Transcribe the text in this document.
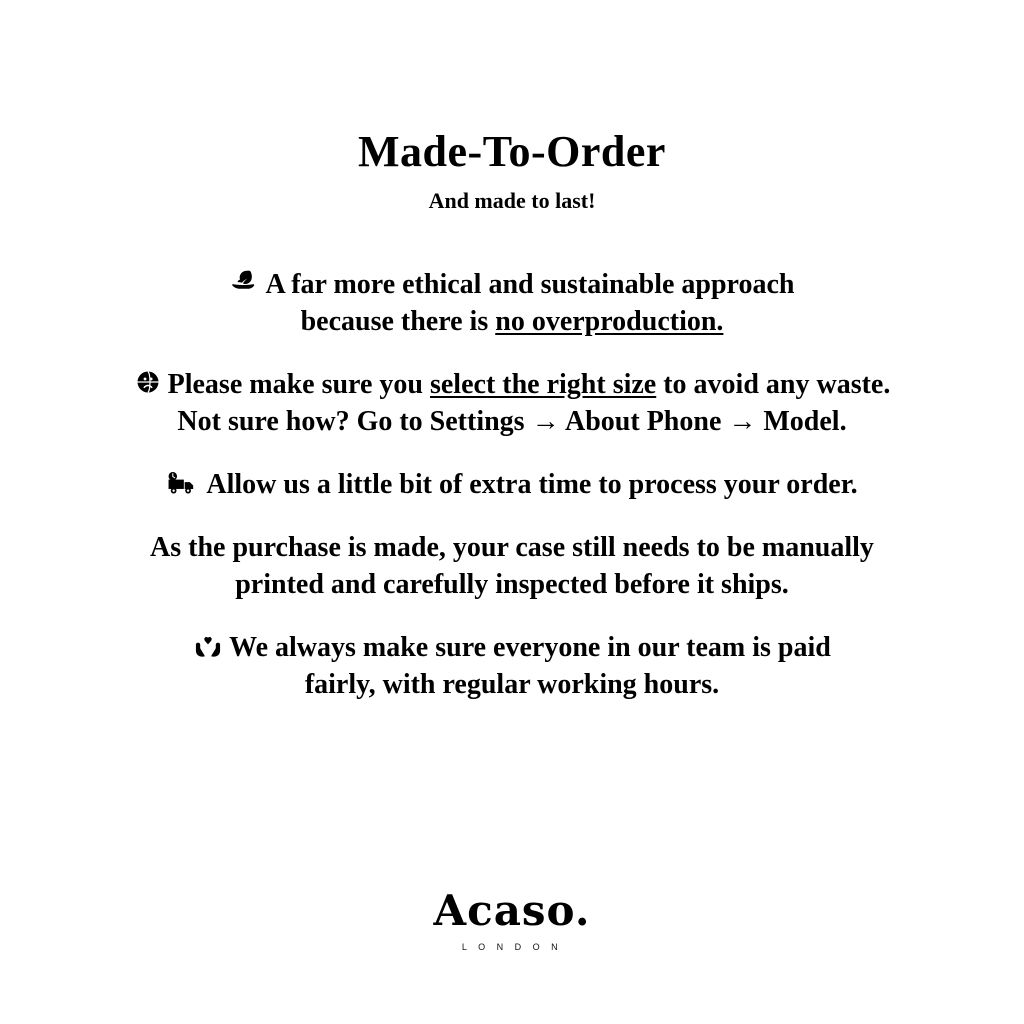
Made-To-Order
And made to last!
A far more ethical and sustainable approach
because there is no overproduction.
Please make sure you select the right size to avoid any waste.
Not sure how? Go to Settings → About Phone → Model.
Allow us a little bit of extra time to process your order.
As the purchase is made, your case still needs to be manually
printed and carefully inspected before it ships.
We always make sure everyone in our team is paid
fairly, with regular working hours.
Acaso.
L O N D O N
